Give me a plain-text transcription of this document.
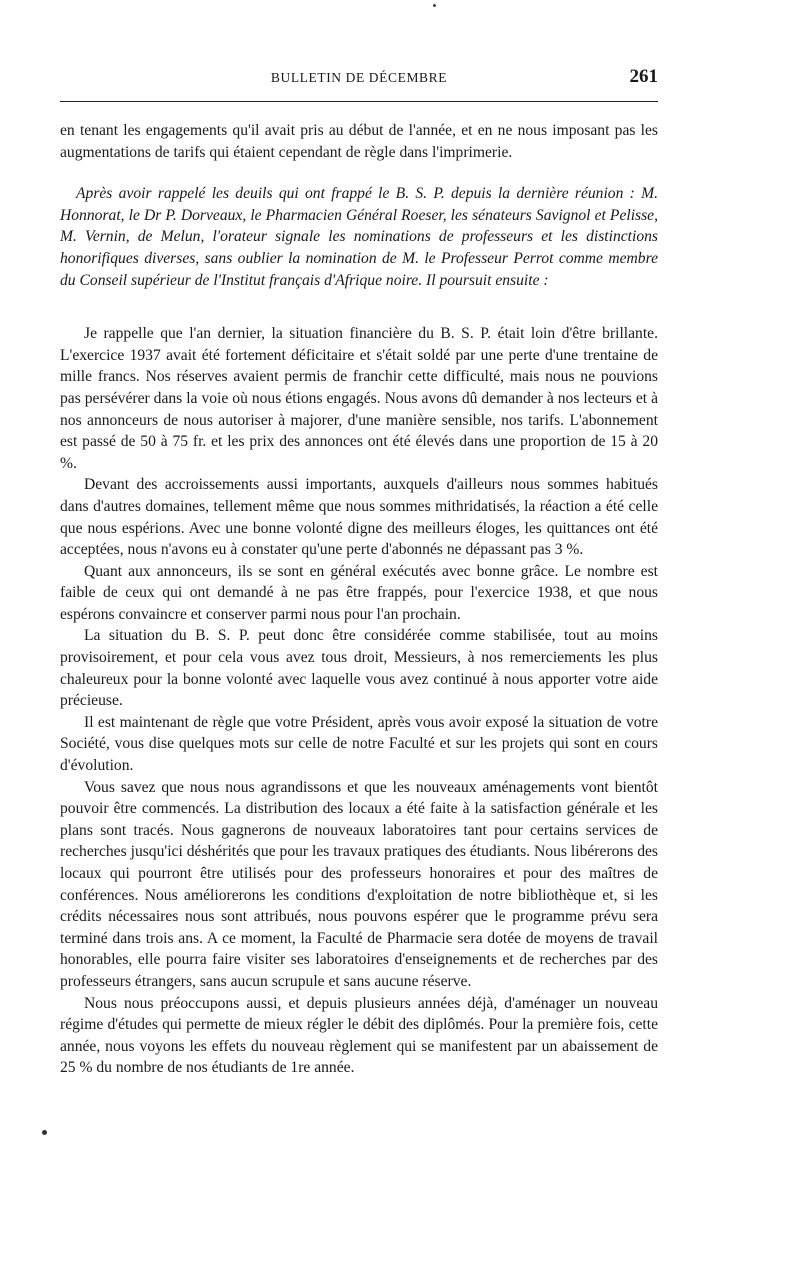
BULLETIN DE DÉCEMBRE	261

en tenant les engagements qu'il avait pris au début de l'année, et en ne nous imposant pas les augmentations de tarifs qui étaient cependant de règle dans l'imprimerie.

Après avoir rappelé les deuils qui ont frappé le B. S. P. depuis la dernière réunion : M. Honnorat, le Dr P. Dorveaux, le Pharmacien Général Roeser, les sénateurs Savignol et Pelisse, M. Vernin, de Melun, l'orateur signale les nominations de professeurs et les distinctions honorifiques diverses, sans oublier la nomination de M. le Professeur Perrot comme membre du Conseil supérieur de l'Institut français d'Afrique noire. Il poursuit ensuite :

Je rappelle que l'an dernier, la situation financière du B. S. P. était loin d'être brillante. L'exercice 1937 avait été fortement déficitaire et s'était soldé par une perte d'une trentaine de mille francs. Nos réserves avaient permis de franchir cette difficulté, mais nous ne pouvions pas persévérer dans la voie où nous étions engagés. Nous avons dû demander à nos lecteurs et à nos annonceurs de nous autoriser à majorer, d'une manière sensible, nos tarifs. L'abonnement est passé de 50 à 75 fr. et les prix des annonces ont été élevés dans une proportion de 15 à 20 %.

Devant des accroissements aussi importants, auxquels d'ailleurs nous sommes habitués dans d'autres domaines, tellement même que nous sommes mithridatisés, la réaction a été celle que nous espérions. Avec une bonne volonté digne des meilleurs éloges, les quittances ont été acceptées, nous n'avons eu à constater qu'une perte d'abonnés ne dépassant pas 3 %.

Quant aux annonceurs, ils se sont en général exécutés avec bonne grâce. Le nombre est faible de ceux qui ont demandé à ne pas être frappés, pour l'exercice 1938, et que nous espérons convaincre et conserver parmi nous pour l'an prochain.

La situation du B. S. P. peut donc être considérée comme stabilisée, tout au moins provisoirement, et pour cela vous avez tous droit, Messieurs, à nos remerciements les plus chaleureux pour la bonne volonté avec laquelle vous avez continué à nous apporter votre aide précieuse.

Il est maintenant de règle que votre Président, après vous avoir exposé la situation de votre Société, vous dise quelques mots sur celle de notre Faculté et sur les projets qui sont en cours d'évolution.

Vous savez que nous nous agrandissons et que les nouveaux aménagements vont bientôt pouvoir être commencés. La distribution des locaux a été faite à la satisfaction générale et les plans sont tracés. Nous gagnerons de nouveaux laboratoires tant pour certains services de recherches jusqu'ici déshérités que pour les travaux pratiques des étudiants. Nous libérerons des locaux qui pourront être utilisés pour des professeurs honoraires et pour des maîtres de conférences. Nous améliorerons les conditions d'exploitation de notre bibliothèque et, si les crédits nécessaires nous sont attribués, nous pouvons espérer que le programme prévu sera terminé dans trois ans. A ce moment, la Faculté de Pharmacie sera dotée de moyens de travail honorables, elle pourra faire visiter ses laboratoires d'enseignements et de recherches par des professeurs étrangers, sans aucun scrupule et sans aucune réserve.

Nous nous préoccupons aussi, et depuis plusieurs années déjà, d'aménager un nouveau régime d'études qui permette de mieux régler le débit des diplômés. Pour la première fois, cette année, nous voyons les effets du nouveau règlement qui se manifestent par un abaissement de 25 % du nombre de nos étudiants de 1re année.
